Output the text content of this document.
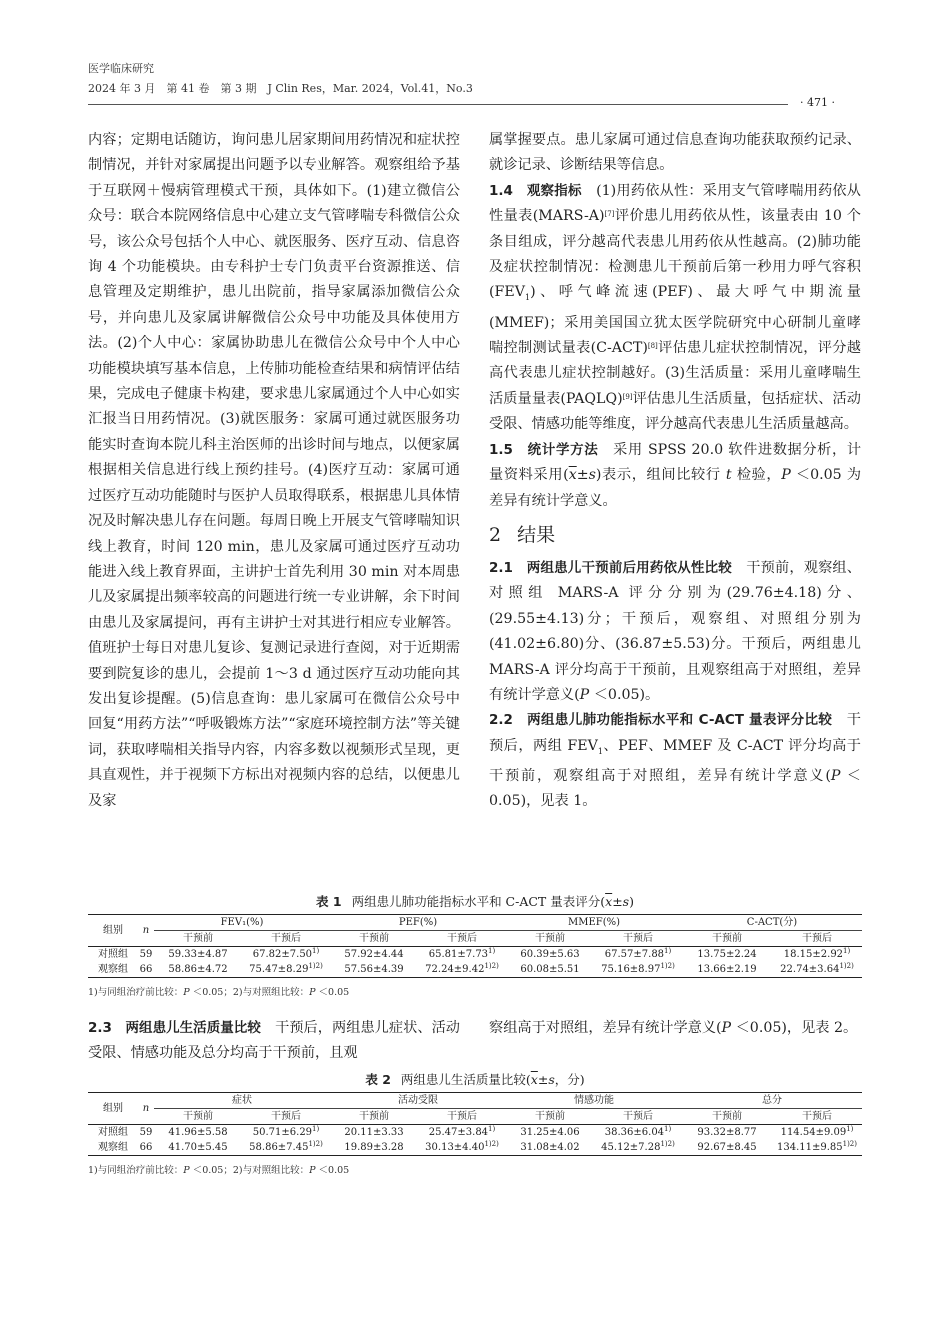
医学临床研究
2024 年 3 月　第 41 卷　第 3 期　J Clin Res，Mar. 2024，Vol.41，No.3
· 471 ·

内容；定期电话随访，询问患儿居家期间用药情况和症状控制情况，并针对家属提出问题予以专业解答。观察组给予基于互联网＋慢病管理模式干预，具体如下。(1)建立微信公众号：联合本院网络信息中心建立支气管哮喘专科微信公众号，该公众号包括个人中心、就医服务、医疗互动、信息咨询 4 个功能模块。由专科护士专门负责平台资源推送、信息管理及定期维护，患儿出院前，指导家属添加微信公众号，并向患儿及家属讲解微信公众号中功能及具体使用方法。(2)个人中心：家属协助患儿在微信公众号中个人中心功能模块填写基本信息，上传肺功能检查结果和病情评估结果，完成电子健康卡构建，要求患儿家属通过个人中心如实汇报当日用药情况。(3)就医服务：家属可通过就医服务功能实时查询本院儿科主治医师的出诊时间与地点，以便家属根据相关信息进行线上预约挂号。(4)医疗互动：家属可通过医疗互动功能随时与医护人员取得联系，根据患儿具体情况及时解决患儿存在问题。每周日晚上开展支气管哮喘知识线上教育，时间 120 min，患儿及家属可通过医疗互动功能进入线上教育界面，主讲护士首先利用 30 min 对本周患儿及家属提出频率较高的问题进行统一专业讲解，余下时间由患儿及家属提问，再有主讲护士对其进行相应专业解答。值班护士每日对患儿复诊、复测记录进行查阅，对于近期需要到院复诊的患儿，会提前 1～3 d 通过医疗互动功能向其发出复诊提醒。(5)信息查询：患儿家属可在微信公众号中回复“用药方法”“呼吸锻炼方法”“家庭环境控制方法”等关键词，获取哮喘相关指导内容，内容多数以视频形式呈现，更具直观性，并于视频下方标出对视频内容的总结，以便患儿及家

属掌握要点。患儿家属可通过信息查询功能获取预约记录、就诊记录、诊断结果等信息。

1.4　观察指标　(1)用药依从性：采用支气管哮喘用药依从性量表(MARS-A)[7]评价患儿用药依从性，该量表由 10 个条目组成，评分越高代表患儿用药依从性越高。(2)肺功能及症状控制情况：检测患儿干预前后第一秒用力呼气容积$(FEV_1)$、呼气峰流速(PEF)、最大呼气中期流量(MMEF)；采用美国国立犹太医学院研究中心研制儿童哮喘控制测试量表(C-ACT)[8]评估患儿症状控制情况，评分越高代表患儿症状控制越好。(3)生活质量：采用儿童哮喘生活质量量表(PAQLQ)[9]评估患儿生活质量，包括症状、活动受限、情感功能等维度，评分越高代表患儿生活质量越高。

1.5　统计学方法　采用 SPSS 20.0 软件进数据分析，计量资料采用$(\overline{x}\pm s)$表示，组间比较行 t 检验，P ＜0.05 为差异有统计学意义。

2 结果

2.1　两组患儿干预前后用药依从性比较　干预前，观察组、对照组 MARS-A 评分分别为(29.76±4.18)分、(29.55±4.13)分；干预后，观察组、对照组分别为(41.02±6.80)分、(36.87±5.53)分。干预后，两组患儿 MARS-A 评分均高于干预前，且观察组高于对照组，差异有统计学意义(P ＜0.05)。

2.2　两组患儿肺功能指标水平和 C-ACT 量表评分比较　干预后，两组 $FEV_1$、PEF、MMEF 及 C-ACT 评分均高于干预前，观察组高于对照组，差异有统计学意义(P ＜0.05)，见表 1。

表 1 两组患儿肺功能指标水平和 C-ACT 量表评分$(\overline{x}\pm s)$
组别	n	FEV₁(%)		PEF(%)		MMEF(%)		C-ACT(分)	
		干预前	干预后	干预前	干预后	干预前	干预后	干预前	干预后
对照组	59	59.33±4.87	$67.82\pm 7.50^{1)}$	57.92±4.44	$65.81\pm 7.73^{1)}$	60.39±5.63	$67.57\pm 7.88^{1)}$	13.75±2.24	$18.15\pm 2.92^{1)}$
观察组	66	58.86±4.72	$75.47\pm 8.29^{1)2)}$	57.56±4.39	$72.24\pm 9.42^{1)2)}$	60.08±5.51	$75.16\pm 8.97^{1)2)}$	13.66±2.19	$22.74\pm 3.64^{1)2)}$
1)与同组治疗前比较：P ＜0.05；2)与对照组比较：P ＜0.05

2.3　两组患儿生活质量比较　干预后，两组患儿症状、活动受限、情感功能及总分均高于干预前，且观

察组高于对照组，差异有统计学意义(P ＜0.05)，见表 2。

表 2 两组患儿生活质量比较($\overline{x}\pm s$，分)
组别	n	症状		活动受限		情感功能		总分	
		干预前	干预后	干预前	干预后	干预前	干预后	干预前	干预后
对照组	59	41.96±5.58	$50.71\pm 6.29^{1)}$	20.11±3.33	$25.47\pm 3.84^{1)}$	31.25±4.06	$38.36\pm 6.04^{1)}$	93.32±8.77	$114.54\pm 9.09^{1)}$
观察组	66	41.70±5.45	$58.86\pm 7.45^{1)2)}$	19.89±3.28	$30.13\pm 4.40^{1)2)}$	31.08±4.02	$45.12\pm 7.28^{1)2)}$	92.67±8.45	$134.11\pm 9.85^{1)2)}$
1)与同组治疗前比较：P ＜0.05；2)与对照组比较：P ＜0.05
